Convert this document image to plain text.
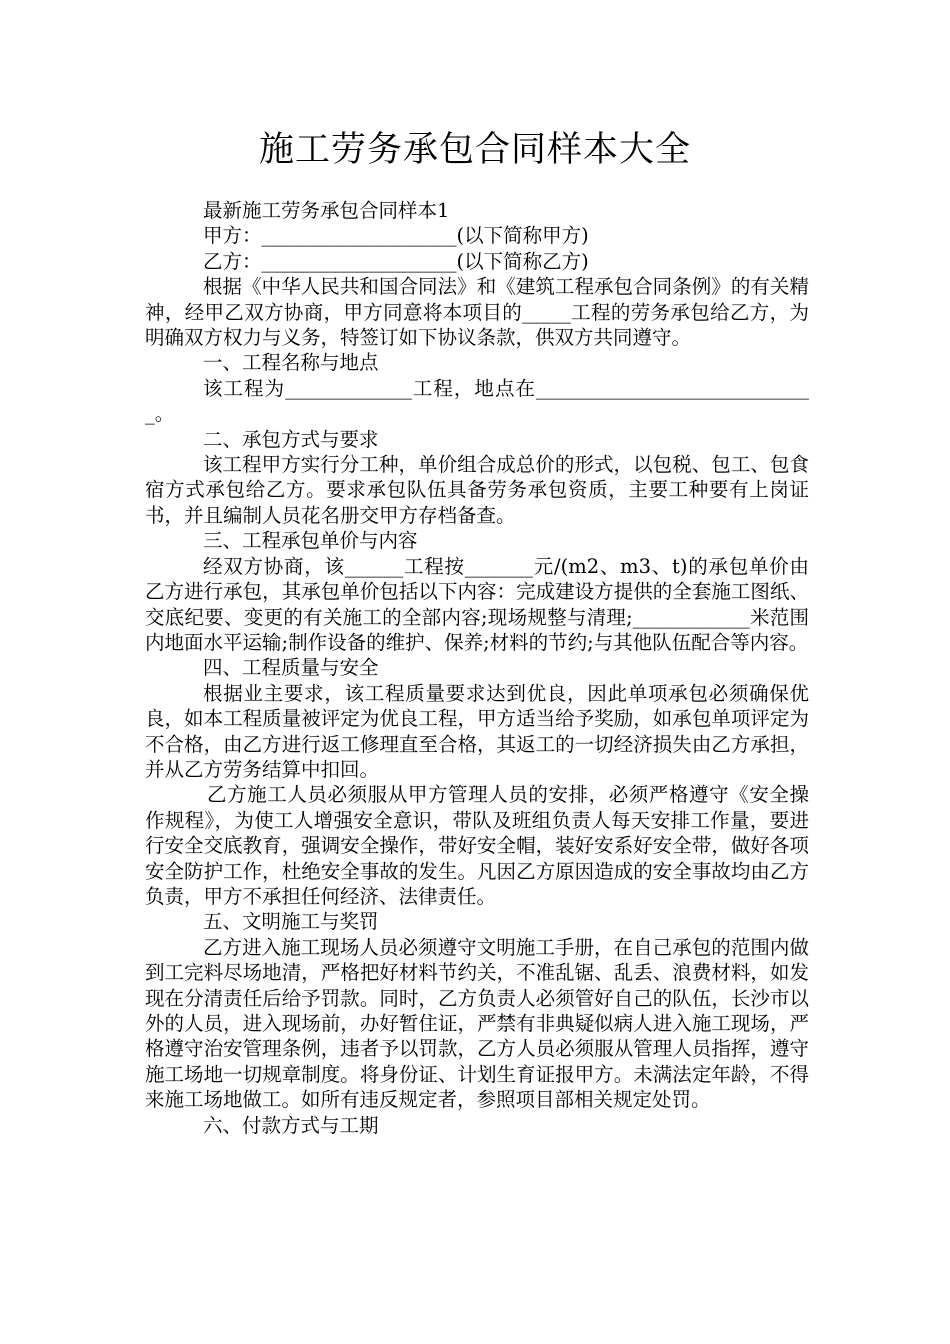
施工劳务承包合同样本大全

最新施工劳务承包合同样本1

甲方：____________________(以下简称甲方)

乙方：____________________(以下简称乙方)

根据《中华人民共和国合同法》和《建筑工程承包合同条例》的有关精神，经甲乙双方协商，甲方同意将本项目的_____工程的劳务承包给乙方，为明确双方权力与义务，特签订如下协议条款，供双方共同遵守。

一、工程名称与地点

该工程为_____________工程，地点在_____________________________。

二、承包方式与要求

该工程甲方实行分工种，单价组合成总价的形式，以包税、包工、包食宿方式承包给乙方。要求承包队伍具备劳务承包资质，主要工种要有上岗证书，并且编制人员花名册交甲方存档备查。

三、工程承包单价与内容

经双方协商，该______工程按_______元/(m2、m3、t)的承包单价由乙方进行承包，其承包单价包括以下内容：完成建设方提供的全套施工图纸、交底纪要、变更的有关施工的全部内容;现场规整与清理;____________米范围内地面水平运输;制作设备的维护、保养;材料的节约;与其他队伍配合等内容。

四、工程质量与安全

根据业主要求，该工程质量要求达到优良，因此单项承包必须确保优良，如本工程质量被评定为优良工程，甲方适当给予奖励，如承包单项评定为不合格，由乙方进行返工修理直至合格，其返工的一切经济损失由乙方承担，并从乙方劳务结算中扣回。

乙方施工人员必须服从甲方管理人员的安排，必须严格遵守《安全操作规程》，为使工人增强安全意识，带队及班组负责人每天安排工作量，要进行安全交底教育，强调安全操作，带好安全帽，装好安系好安全带，做好各项安全防护工作，杜绝安全事故的发生。凡因乙方原因造成的安全事故均由乙方负责，甲方不承担任何经济、法律责任。

五、文明施工与奖罚

乙方进入施工现场人员必须遵守文明施工手册，在自己承包的范围内做到工完料尽场地清，严格把好材料节约关，不准乱锯、乱丢、浪费材料，如发现在分清责任后给予罚款。同时，乙方负责人必须管好自己的队伍，长沙市以外的人员，进入现场前，办好暂住证，严禁有非典疑似病人进入施工现场，严格遵守治安管理条例，违者予以罚款，乙方人员必须服从管理人员指挥，遵守施工场地一切规章制度。将身份证、计划生育证报甲方。未满法定年龄，不得来施工场地做工。如所有违反规定者，参照项目部相关规定处罚。

六、付款方式与工期
